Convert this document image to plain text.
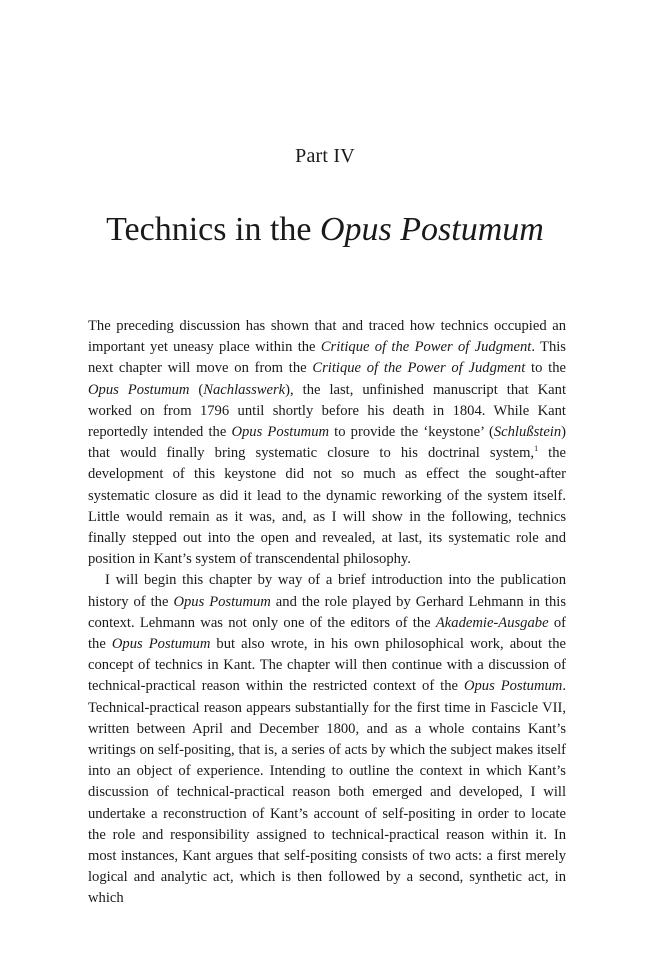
Part IV
Technics in the Opus Postumum

The preceding discussion has shown that and traced how technics occupied an important yet uneasy place within the Critique of the Power of Judgment. This next chapter will move on from the Critique of the Power of Judgment to the Opus Postumum (Nachlasswerk), the last, unfinished manuscript that Kant worked on from 1796 until shortly before his death in 1804. While Kant reportedly intended the Opus Postumum to provide the ‘keystone’ (Schlußstein) that would finally bring systematic closure to his doctrinal system,$^1$ the development of this keystone did not so much as effect the sought-after systematic closure as did it lead to the dynamic reworking of the system itself. Little would remain as it was, and, as I will show in the following, technics finally stepped out into the open and revealed, at last, its systematic role and position in Kant’s system of transcendental philosophy.

I will begin this chapter by way of a brief introduction into the publication history of the Opus Postumum and the role played by Gerhard Lehmann in this context. Lehmann was not only one of the editors of the Akademie-Ausgabe of the Opus Postumum but also wrote, in his own philosophical work, about the concept of technics in Kant. The chapter will then continue with a discussion of technical-practical reason within the restricted context of the Opus Postumum. Technical-practical reason appears substantially for the first time in Fascicle VII, written between April and December 1800, and as a whole contains Kant’s writings on self-positing, that is, a series of acts by which the subject makes itself into an object of experience. Intending to outline the context in which Kant’s discussion of technical-practical reason both emerged and developed, I will undertake a reconstruction of Kant’s account of self-positing in order to locate the role and responsibility assigned to technical-practical reason within it. In most instances, Kant argues that self-positing consists of two acts: a first merely logical and analytic act, which is then followed by a second, synthetic act, in which
